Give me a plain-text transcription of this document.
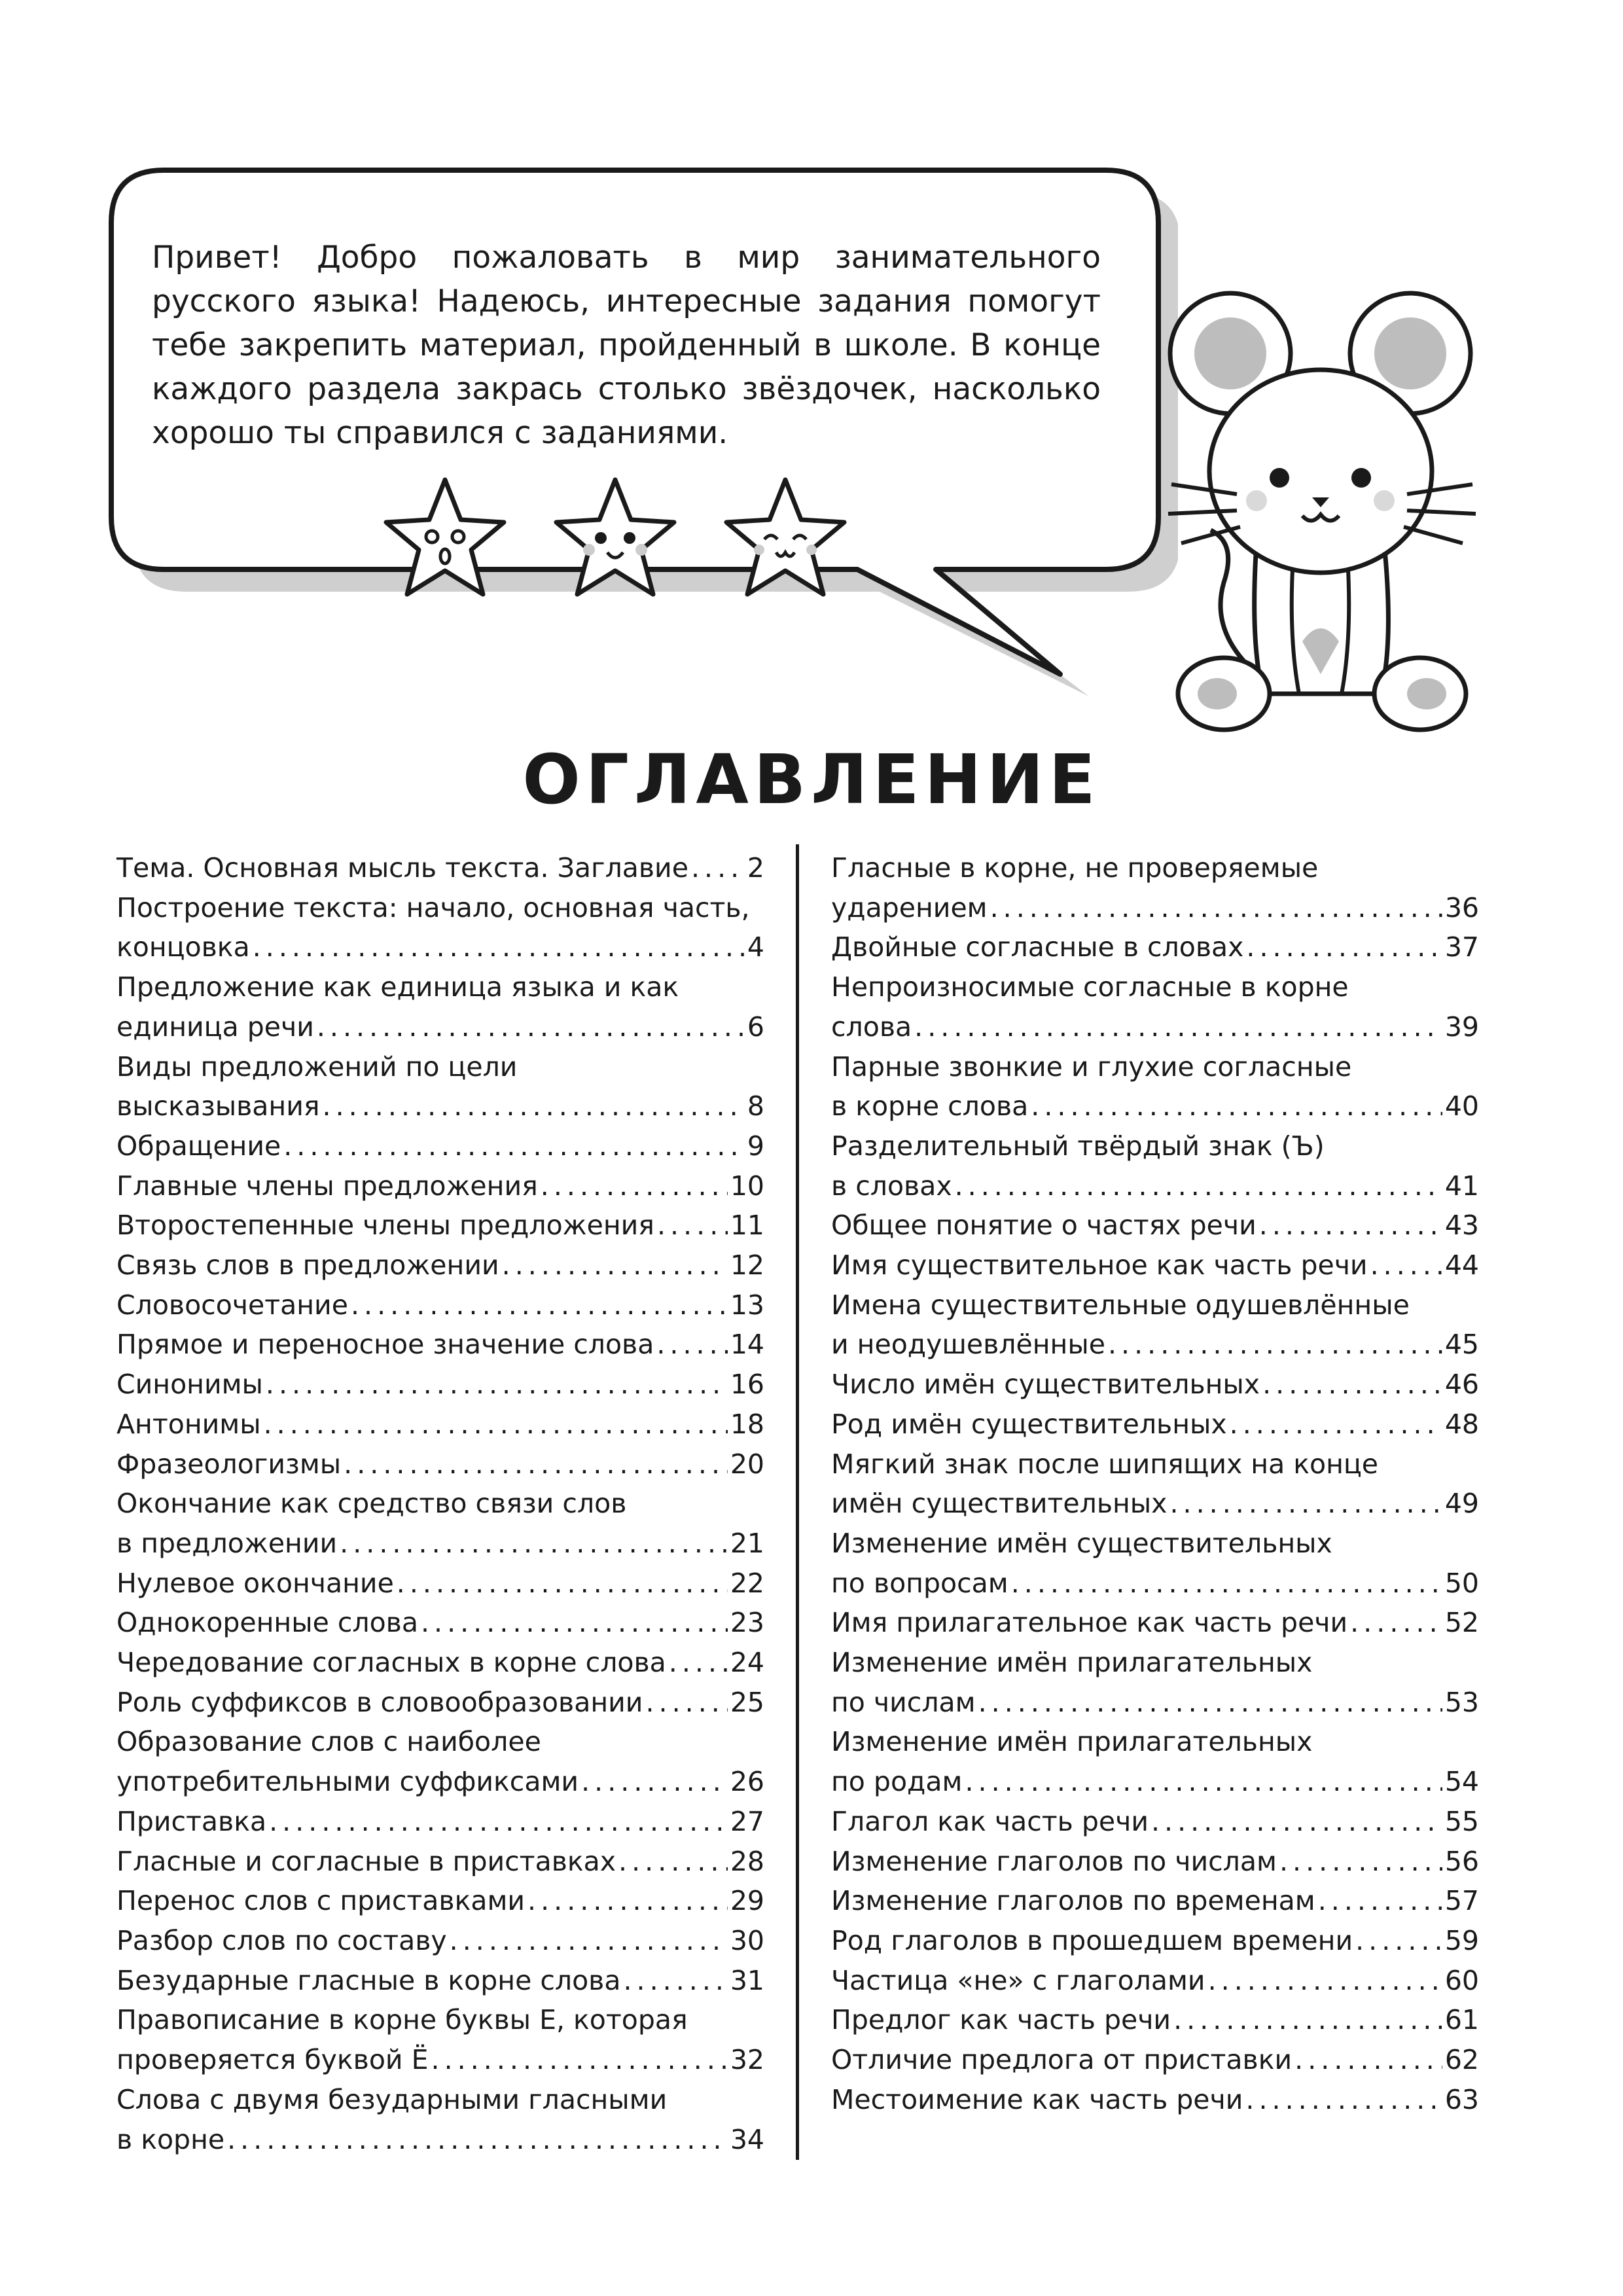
Привет! Добро пожаловать в мир занимательного русского языка! Надеюсь, интересные задания помогут тебе закрепить материал, пройденный в школе. В конце каждого раздела закрась столько звёздочек, насколько хорошо ты справился с заданиями.

ОГЛАВЛЕНИЕ
Тема. Основная мысль текста. Заглавие . . . 2
Построение текста: начало, основная часть,
концовка . . .	4
Предложение как единица языка и как
единица речи . . .	6
Виды предложений по цели
высказывания . . .	8
Обращение . . .	9
Главные члены предложения . . .	10
Второстепенные члены предложения . . .	11
Связь слов в предложении . . .	12
Словосочетание . . .	13
Прямое и переносное значение слова . . .	14
Синонимы . . .	16
Антонимы . . .	18
Фразеологизмы . . .	20
Окончание как средство связи слов
в предложении . . .	21
Нулевое окончание . . .	22
Однокоренные слова . . .	23
Чередование согласных в корне слова . . . 24
Роль суффиксов в словообразовании . . .	25
Образование слов с наиболее
употребительными суффиксами . . .	26
Приставка . . .	27
Гласные и согласные в приставках . . .	28
Перенос слов с приставками . . .	29
Разбор слов по составу . . .	30
Безударные гласные в корне слова . . .	31
Правописание в корне буквы Е, которая
проверяется буквой Ё . . .	32
Слова с двумя безударными гласными
в корне . . .	34
Гласные в корне, не проверяемые
ударением . . .	36
Двойные согласные в словах . . .	37
Непроизносимые согласные в корне
слова . . .	39
Парные звонкие и глухие согласные
в корне слова . . .	40
Разделительный твёрдый знак (Ъ)
в словах . . .	41
Общее понятие о частях речи . . .	43
Имя существительное как часть речи . . .	44
Имена существительные одушевлённые
и неодушевлённые . . .	45
Число имён существительных . . .	46
Род имён существительных . . .	48
Мягкий знак после шипящих на конце
имён существительных . . .	49
Изменение имён существительных
по вопросам . . .	50
Имя прилагательное как часть речи . . .	52
Изменение имён прилагательных
по числам . . .	53
Изменение имён прилагательных
по родам . . .	54
Глагол как часть речи . . .	55
Изменение глаголов по числам . . .	56
Изменение глаголов по временам . . .	57
Род глаголов в прошедшем времени . . .	59
Частица «не» с глаголами . . .	60
Предлог как часть речи . . .	61
Отличие предлога от приставки . . .	62
Местоимение как часть речи . . .	63
